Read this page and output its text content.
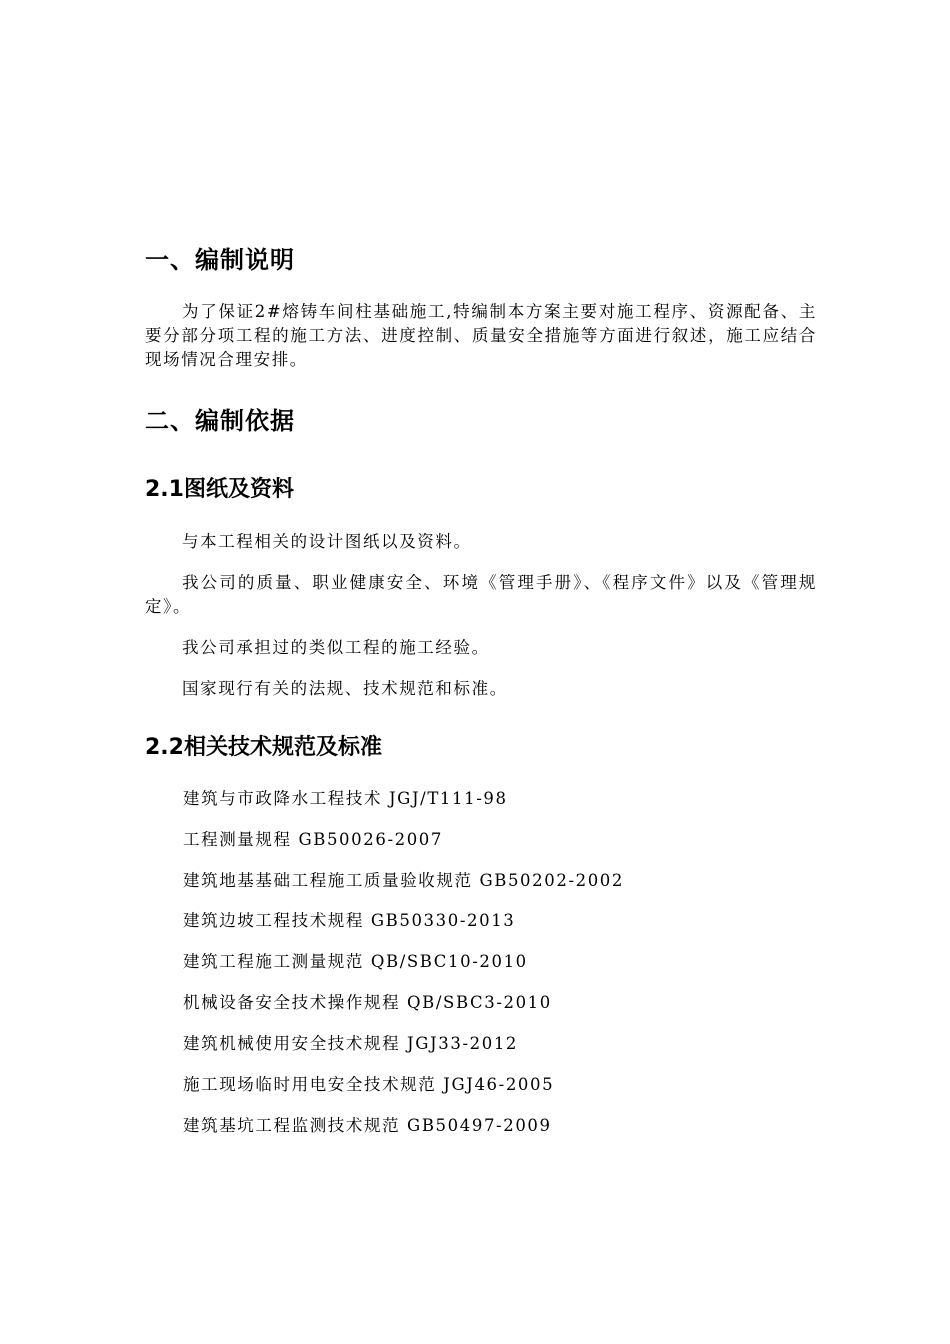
一、编制说明
为了保证2#熔铸车间柱基础施工,特编制本方案主要对施工程序、资源配备、主要分部分项工程的施工方法、进度控制、质量安全措施等方面进行叙述，施工应结合现场情况合理安排。
二、编制依据
2.1图纸及资料
与本工程相关的设计图纸以及资料。
我公司的质量、职业健康安全、环境《管理手册》、《程序文件》以及《管理规定》。
我公司承担过的类似工程的施工经验。
国家现行有关的法规、技术规范和标准。
2.2相关技术规范及标准
建筑与市政降水工程技术 JGJ/T111-98
工程测量规程 GB50026-2007
建筑地基基础工程施工质量验收规范 GB50202-2002
建筑边坡工程技术规程 GB50330-2013
建筑工程施工测量规范 QB/SBC10-2010
机械设备安全技术操作规程 QB/SBC3-2010
建筑机械使用安全技术规程 JGJ33-2012
施工现场临时用电安全技术规范 JGJ46-2005
建筑基坑工程监测技术规范 GB50497-2009
